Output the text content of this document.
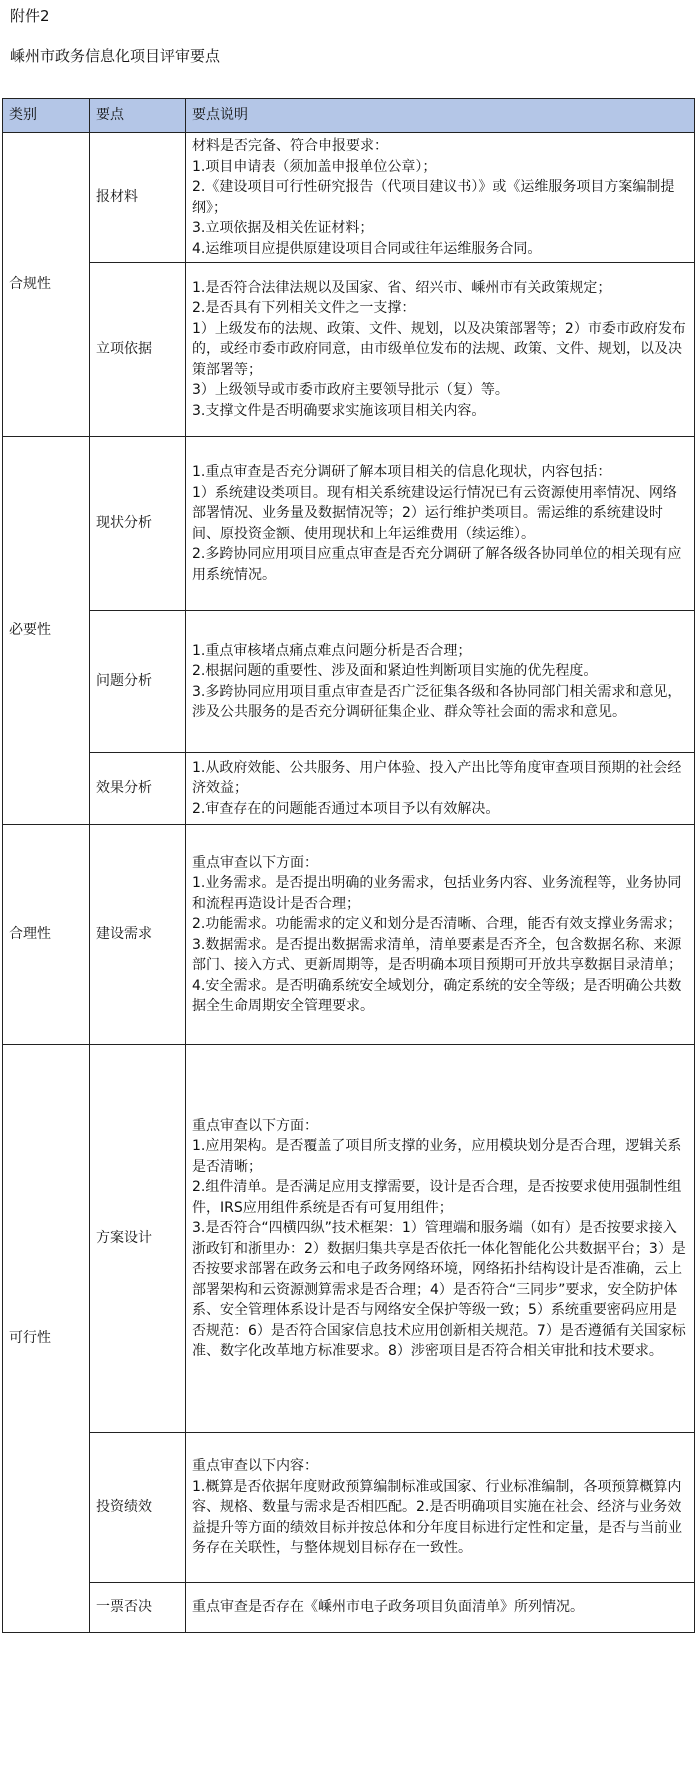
附件2
嵊州市政务信息化项目评审要点
类别	要点	要点说明
合规性	报材料	材料是否完备、符合申报要求：

1.项目申请表（须加盖申报单位公章）；

2.《建设项目可行性研究报告（代项目建议书）》或《运维服务项目方案编制提纲》；

3.立项依据及相关佐证材料；

4.运维项目应提供原建设项目合同或往年运维服务合同。

	立项依据	1.是否符合法律法规以及国家、省、绍兴市、嵊州市有关政策规定；

2.是否具有下列相关文件之一支撑：

1）上级发布的法规、政策、文件、规划，以及决策部署等；2）市委市政府发布的，或经市委市政府同意，由市级单位发布的法规、政策、文件、规划，以及决策部署等；

3）上级领导或市委市政府主要领导批示（复）等。

3.支撑文件是否明确要求实施该项目相关内容。

必要性	现状分析	1.重点审查是否充分调研了解本项目相关的信息化现状，内容包括：

1）系统建设类项目。现有相关系统建设运行情况已有云资源使用率情况、网络部署情况、业务量及数据情况等；2）运行维护类项目。需运维的系统建设时间、原投资金额、使用现状和上年运维费用（续运维）。

2.多跨协同应用项目应重点审查是否充分调研了解各级各协同单位的相关现有应用系统情况。

	问题分析	1.重点审核堵点痛点难点问题分析是否合理；

2.根据问题的重要性、涉及面和紧迫性判断项目实施的优先程度。

3.多跨协同应用项目重点审查是否广泛征集各级和各协同部门相关需求和意见，涉及公共服务的是否充分调研征集企业、群众等社会面的需求和意见。

	效果分析	1.从政府效能、公共服务、用户体验、投入产出比等角度审查项目预期的社会经济效益；

2.审查存在的问题能否通过本项目予以有效解决。

合理性	建设需求	重点审查以下方面：

1.业务需求。是否提出明确的业务需求，包括业务内容、业务流程等，业务协同和流程再造设计是否合理；

2.功能需求。功能需求的定义和划分是否清晰、合理，能否有效支撑业务需求；

3.数据需求。是否提出数据需求清单，清单要素是否齐全，包含数据名称、来源部门、接入方式、更新周期等，是否明确本项目预期可开放共享数据目录清单；

4.安全需求。是否明确系统安全域划分，确定系统的安全等级；是否明确公共数据全生命周期安全管理要求。

可行性	方案设计	重点审查以下方面：

1.应用架构。是否覆盖了项目所支撑的业务，应用模块划分是否合理，逻辑关系是否清晰；

2.组件清单。是否满足应用支撑需要，设计是否合理，是否按要求使用强制性组件，IRS应用组件系统是否有可复用组件；

3.是否符合“四横四纵”技术框架：1）管理端和服务端（如有）是否按要求接入浙政钉和浙里办：2）数据归集共享是否依托一体化智能化公共数据平台；3）是否按要求部署在政务云和电子政务网络环境，网络拓扑结构设计是否准确，云上部署架构和云资源测算需求是否合理；4）是否符合“三同步”要求，安全防护体系、安全管理体系设计是否与网络安全保护等级一致；5）系统重要密码应用是否规范：6）是否符合国家信息技术应用创新相关规范。7）是否遵循有关国家标准、数字化改革地方标准要求。8）涉密项目是否符合相关审批和技术要求。

	投资绩效	重点审查以下内容：

1.概算是否依据年度财政预算编制标准或国家、行业标准编制，各项预算概算内容、规格、数量与需求是否相匹配。2.是否明确项目实施在社会、经济与业务效益提升等方面的绩效目标并按总体和分年度目标进行定性和定量，是否与当前业务存在关联性，与整体规划目标存在一致性。

	一票否决	重点审查是否存在《嵊州市电子政务项目负面清单》所列情况。
